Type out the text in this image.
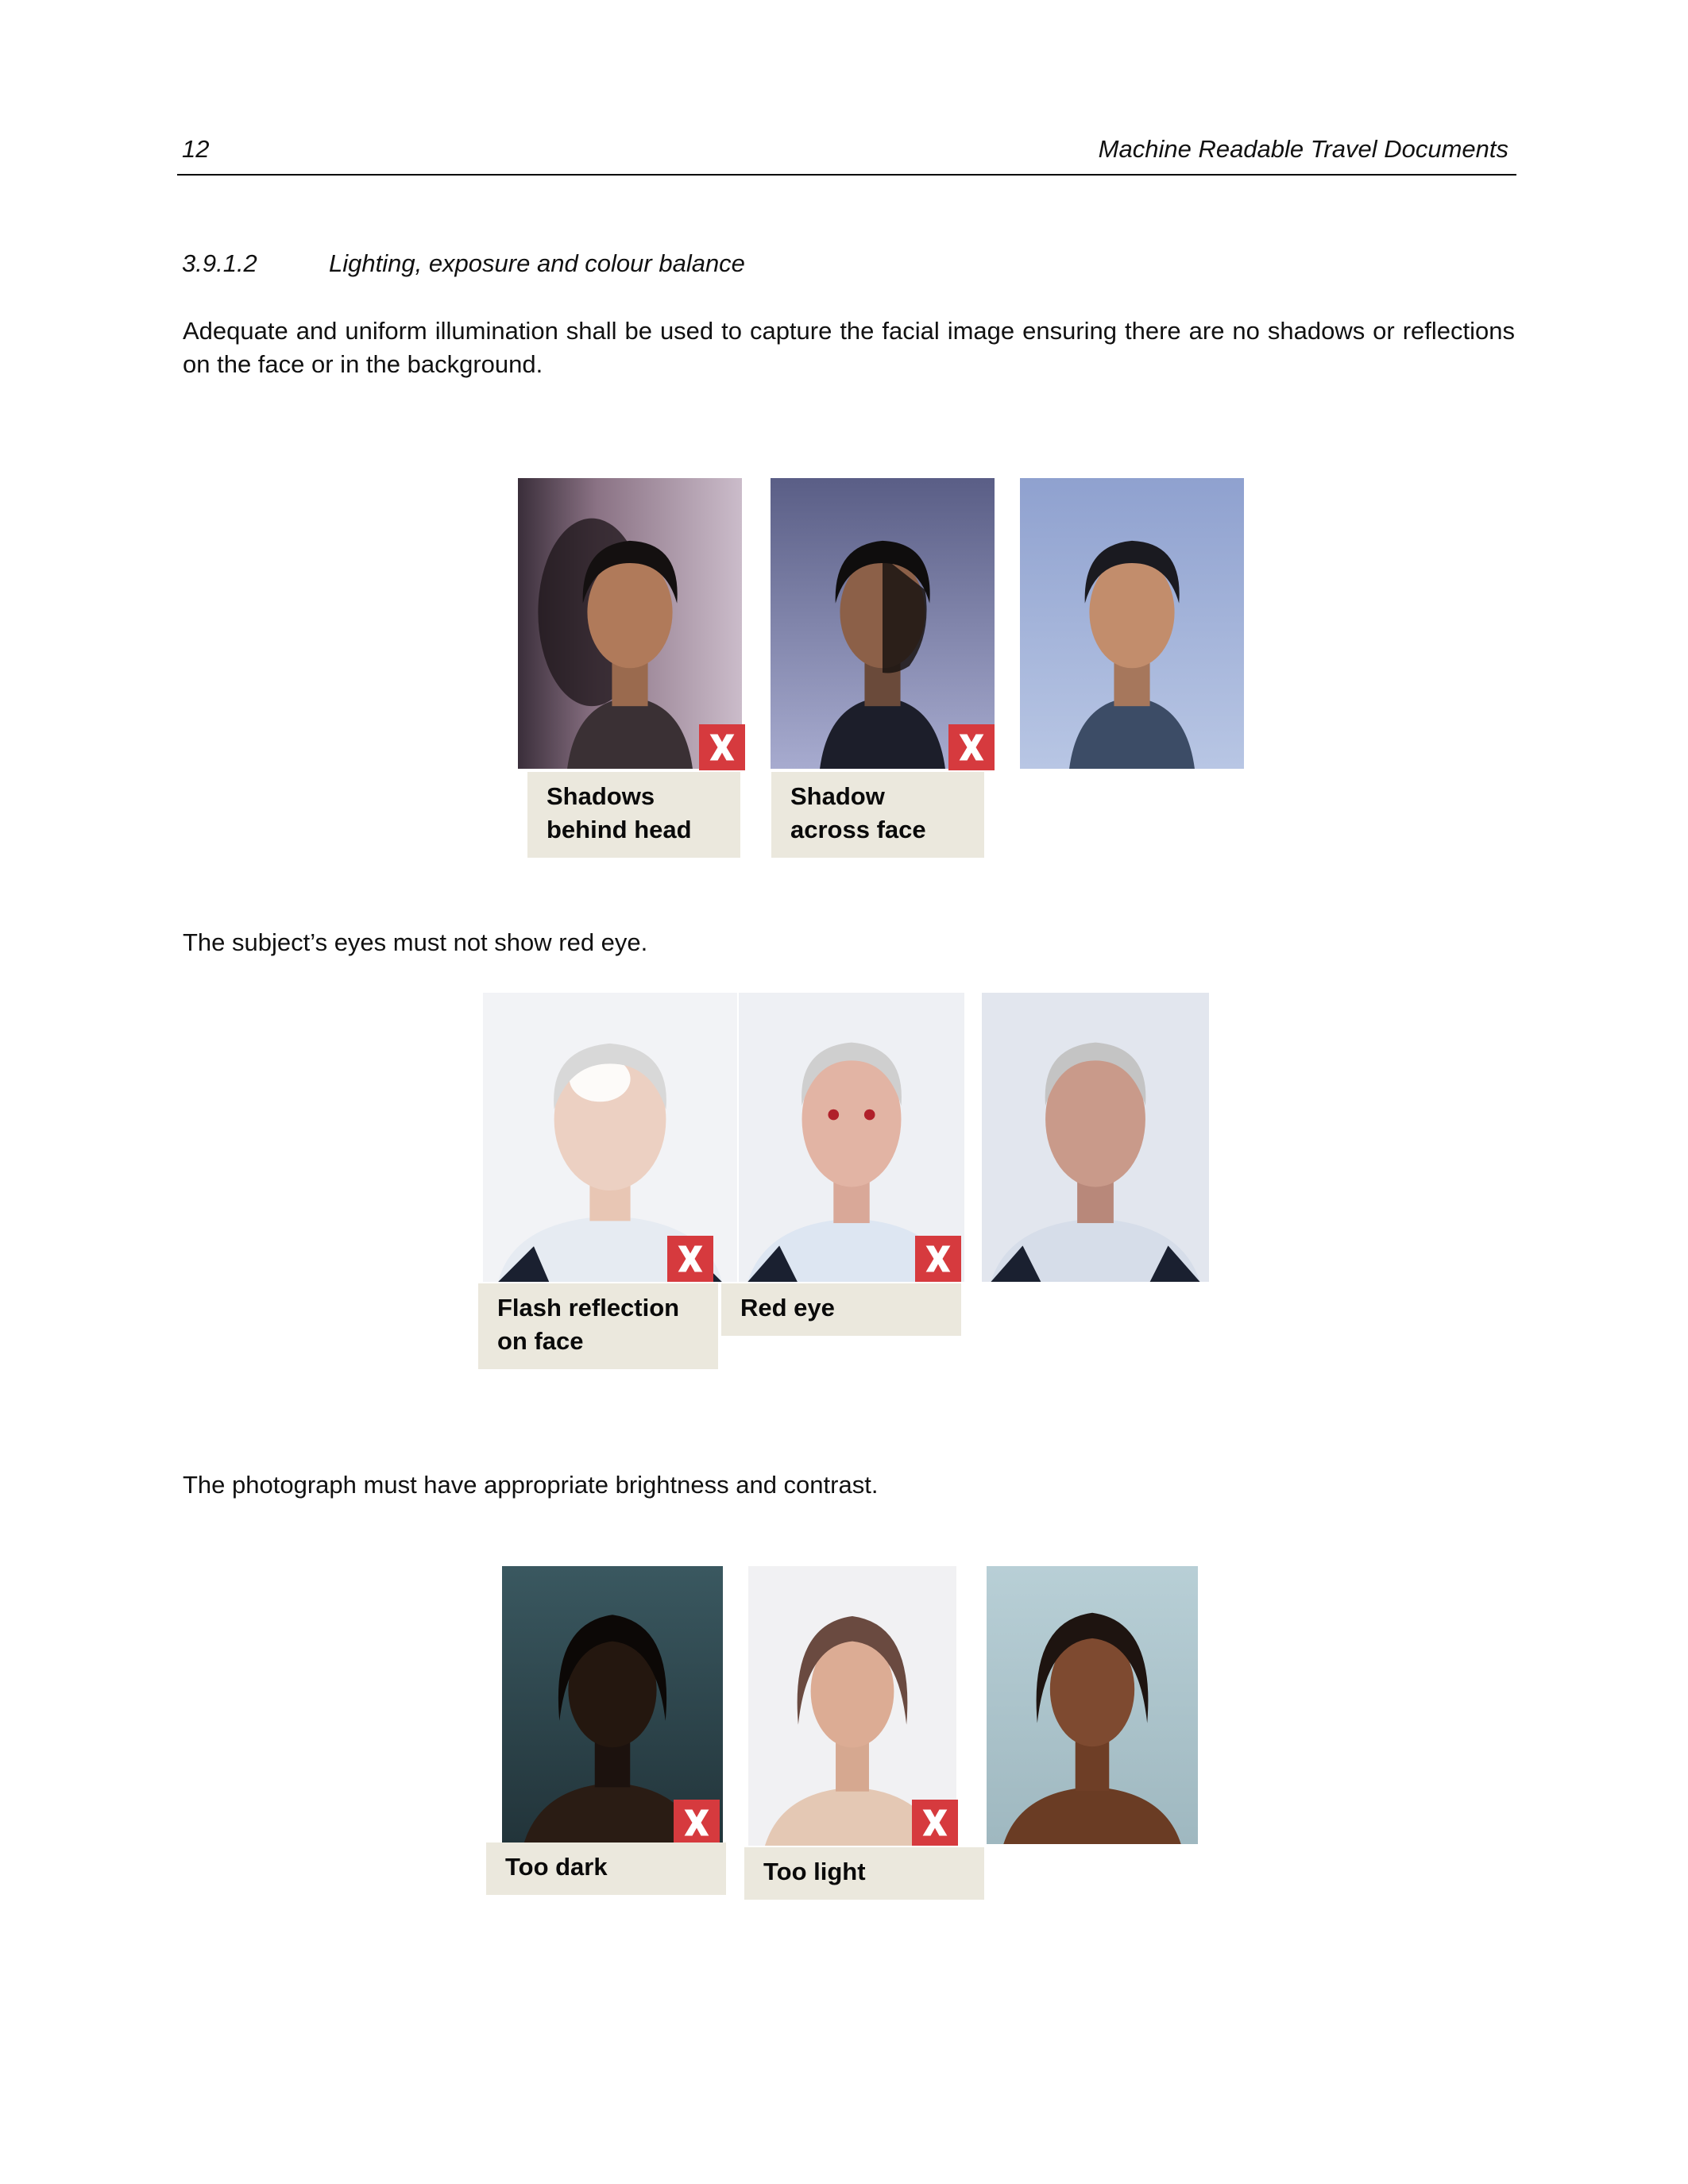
12	Machine Readable Travel Documents
3.9.1.2	Lighting, exposure and colour balance
Adequate and uniform illumination shall be used to capture the facial image ensuring there are no shadows or reflections on the face or in the background.
Shadows
behind head
Shadow
across face
The subject’s eyes must not show red eye.
Flash reflection
on face
Red eye
The photograph must have appropriate brightness and contrast.
Too dark	Too light
